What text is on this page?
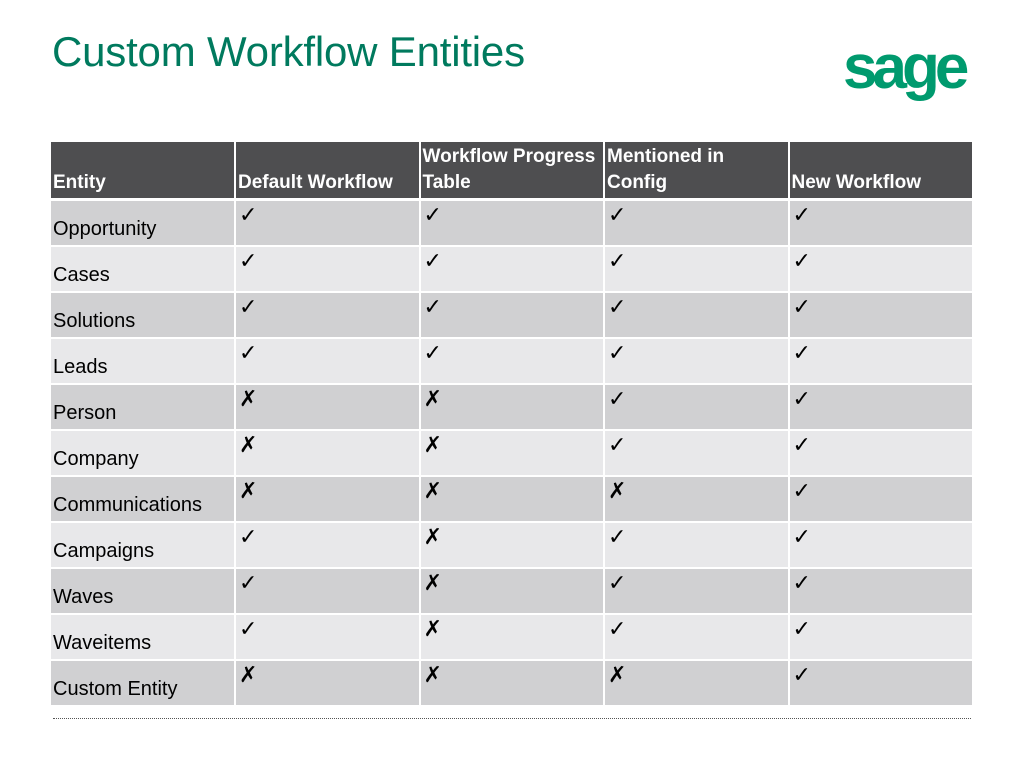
Custom Workflow Entities	sage
Entity	Default Workflow	Workflow Progress Table	Mentioned in Config	New Workflow

Opportunity	✓	✓	✓	✓

Cases	✓	✓	✓	✓

Solutions	✓	✓	✓	✓

Leads	✓	✓	✓	✓

Person	✗	✗	✓	✓

Company	✗	✗	✓	✓

Communications	✗	✗	✗	✓

Campaigns	✓	✗	✓	✓

Waves	✓	✗	✓	✓

Waveitems	✓	✗	✓	✓

Custom Entity	✗	✗	✗	✓
